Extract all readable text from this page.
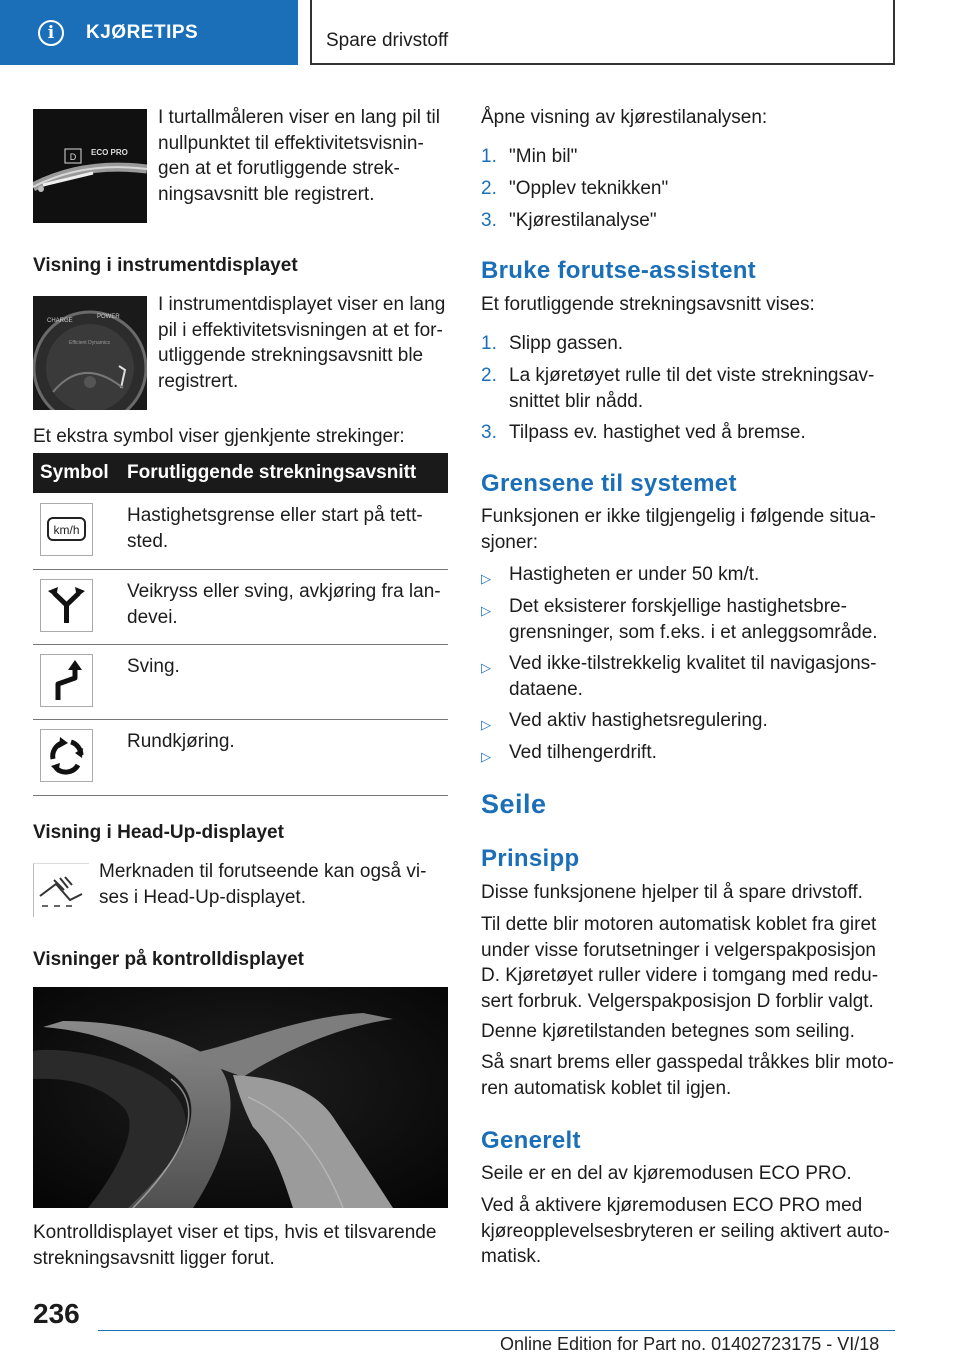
i	KJØRETIPS	Spare drivstoff
D ECO PRO
I turtallmåleren viser en lang pil til
nullpunktet til effektivitetsvisnin-
gen at et forutliggende strek-
ningsavsnitt ble registrert.
Visning i instrumentdisplayet
CHARGE
POWER
Efficient Dynamics
I instrumentdisplayet viser en lang
pil i effektivitetsvisningen at et for-
utliggende strekningsavsnitt ble
registrert.
Et ekstra symbol viser gjenkjente strekinger:
Symbol Forutliggende strekningsavsnitt
km/h
Hastighetsgrense eller start på tett-
sted.
Veikryss eller sving, avkjøring fra lan-
devei.
Sving.
Rundkjøring.
Visning i Head-Up-displayet
Merknaden til forutseende kan også vi-
ses i Head-Up-displayet.
Visninger på kontrolldisplayet
Kontrolldisplayet viser et tips, hvis et tilsvarende
strekningsavsnitt ligger forut.
Åpne visning av kjørestilanalysen:
1. "Min bil"
2. "Opplev teknikken"
3. "Kjørestilanalyse"
Bruke forutse-assistent
Et forutliggende strekningsavsnitt vises:
1. Slipp gassen.
2. La kjøretøyet rulle til det viste strekningsav-
snittet blir nådd.
3. Tilpass ev. hastighet ved å bremse.
Grensene til systemet
Funksjonen er ikke tilgjengelig i følgende situa-
sjoner:
▷ Hastigheten er under 50 km/t.
▷ Det eksisterer forskjellige hastighetsbre-
grensninger, som f.eks. i et anleggsområde.
▷ Ved ikke-tilstrekkelig kvalitet til navigasjons-
dataene.
▷ Ved aktiv hastighetsregulering.
▷ Ved tilhengerdrift.
Seile
Prinsipp
Disse funksjonene hjelper til å spare drivstoff.
Til dette blir motoren automatisk koblet fra giret
under visse forutsetninger i velgerspakposisjon
D. Kjøretøyet ruller videre i tomgang med redu-
sert forbruk. Velgerspakposisjon D forblir valgt.
Denne kjøretilstanden betegnes som seiling.
Så snart brems eller gasspedal tråkkes blir moto-
ren automatisk koblet til igjen.
Generelt
Seile er en del av kjøremodusen ECO PRO.
Ved å aktivere kjøremodusen ECO PRO med
kjøreopplevelsesbryteren er seiling aktivert auto-
matisk.
236
Online Edition for Part no. 01402723175 - VI/18
